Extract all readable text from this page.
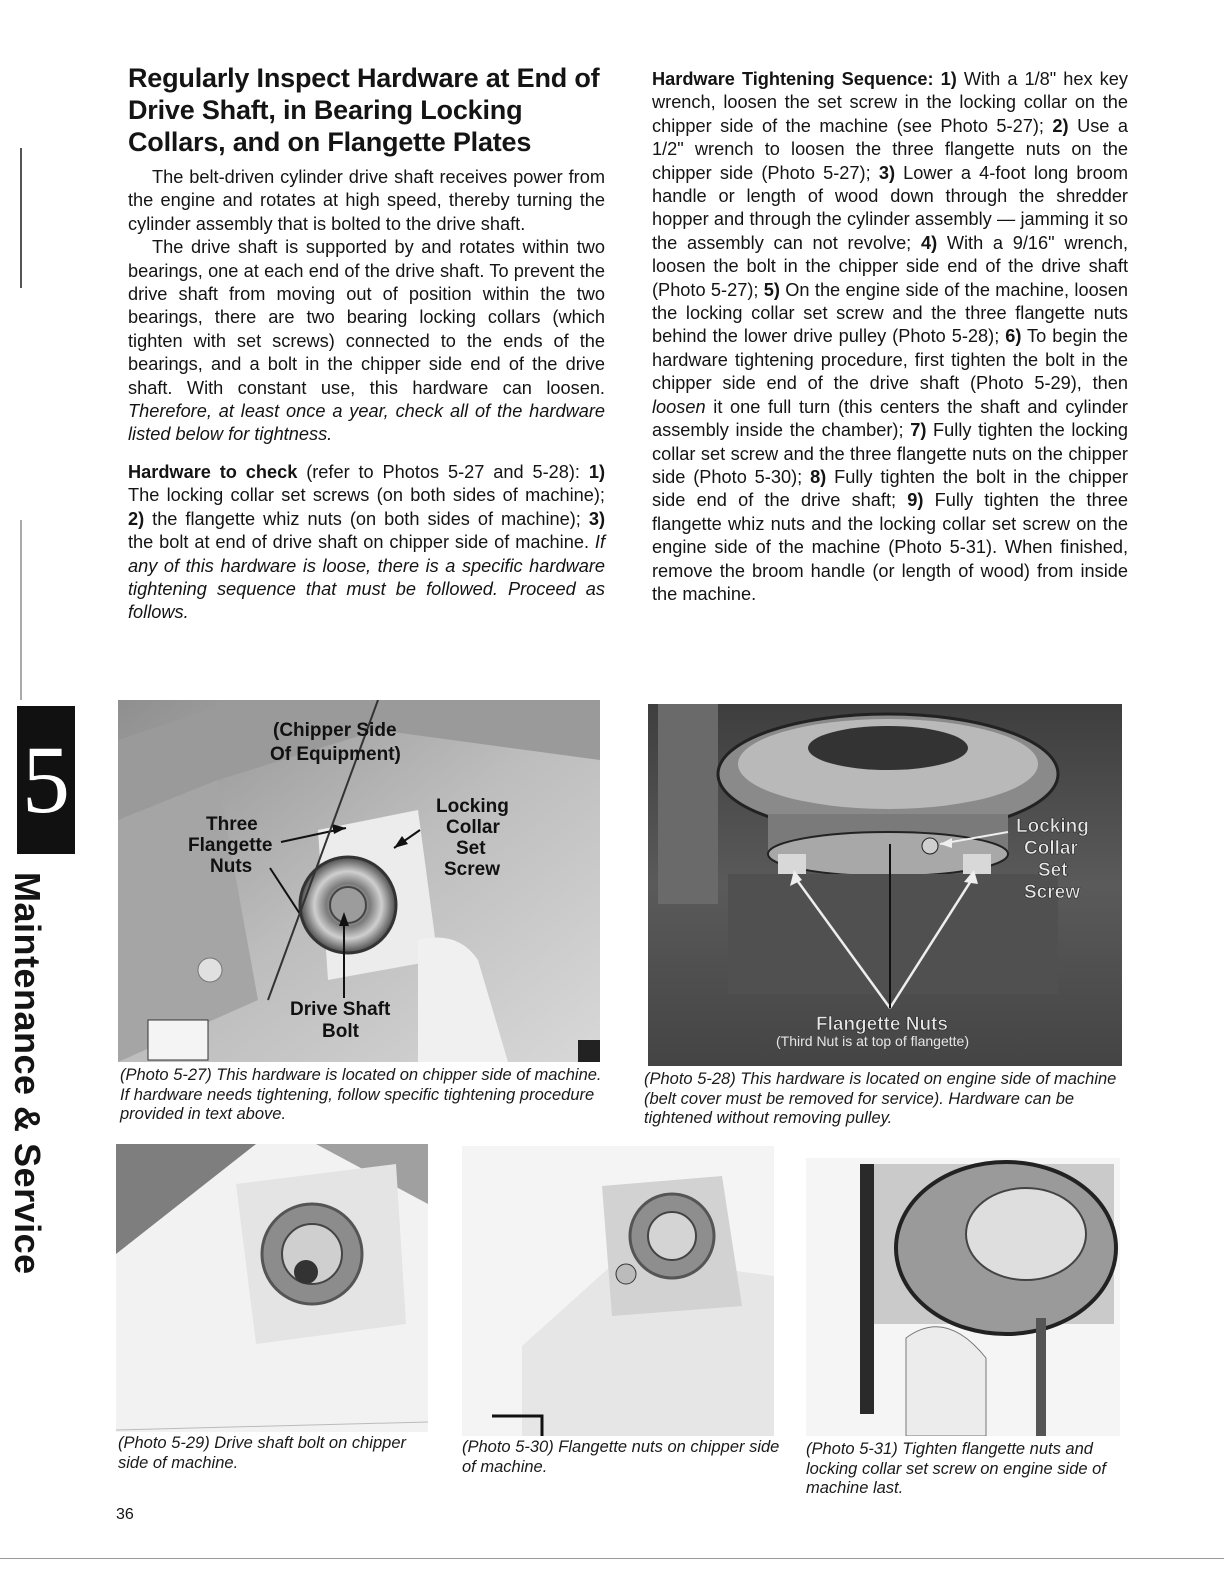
5
Maintenance & Service
Regularly Inspect Hardware at End of
Drive Shaft, in Bearing Locking
Collars, and on Flangette Plates

The belt-driven cylinder drive shaft receives power from the engine and rotates at high speed, thereby turning the cylinder assembly that is bolted to the drive shaft.

The drive shaft is supported by and rotates within two bearings, one at each end of the drive shaft. To prevent the drive shaft from moving out of position within the two bearings, there are two bearing locking collars (which tighten with set screws) connected to the ends of the bearings, and a bolt in the chipper side end of the drive shaft. With constant use, this hardware can loosen. Therefore, at least once a year, check all of the hardware listed below for tightness.

Hardware to check (refer to Photos 5-27 and 5-28): 1) The locking collar set screws (on both sides of machine); 2) the flangette whiz nuts (on both sides of machine); 3) the bolt at end of drive shaft on chipper side of machine. If any of this hardware is loose, there is a specific hardware tightening sequence that must be followed. Proceed as follows.

Hardware Tightening Sequence: 1) With a 1/8" hex key wrench, loosen the set screw in the locking collar on the chipper side of the machine (see Photo 5-27); 2) Use a 1/2" wrench to loosen the three flangette nuts on the chipper side (Photo 5-27); 3) Lower a 4-foot long broom handle or length of wood down through the shredder hopper and through the cylinder assembly — jamming it so the assembly can not revolve; 4) With a 9/16" wrench, loosen the bolt in the chipper side end of the drive shaft (Photo 5-27); 5) On the engine side of the machine, loosen the locking collar set screw and the three flangette nuts behind the lower drive pulley (Photo 5-28); 6) To begin the hardware tightening procedure, first tighten the bolt in the chipper side end of the drive shaft (Photo 5-29), then loosen it one full turn (this centers the shaft and cylinder assembly inside the chamber); 7) Fully tighten the locking collar set screw and the three flangette nuts on the chipper side (Photo 5-30); 8) Fully tighten the bolt in the chipper side end of the drive shaft; 9) Fully tighten the three flangette whiz nuts and the locking collar set screw on the engine side of the machine (Photo 5-31). When finished, remove the broom handle (or length of wood) from inside the machine.

(Chipper Side
Of Equipment)
Three
Flangette
Nuts
Locking
Collar
Set
Screw
Drive Shaft
Bolt
(Photo 5-27) This hardware is located on chipper side of machine. If hardware needs tightening, follow specific tightening procedure provided in text above.
Locking
Collar
Set
Screw
Flangette Nuts
(Third Nut is at top of flangette)
(Photo 5-28) This hardware is located on engine side of machine (belt cover must be removed for service). Hardware can be tightened without removing pulley.
(Photo 5-29) Drive shaft bolt on chipper side of machine.
(Photo 5-30) Flangette nuts on chipper side of machine.
(Photo 5-31) Tighten flangette nuts and locking collar set screw on engine side of machine last.
36
